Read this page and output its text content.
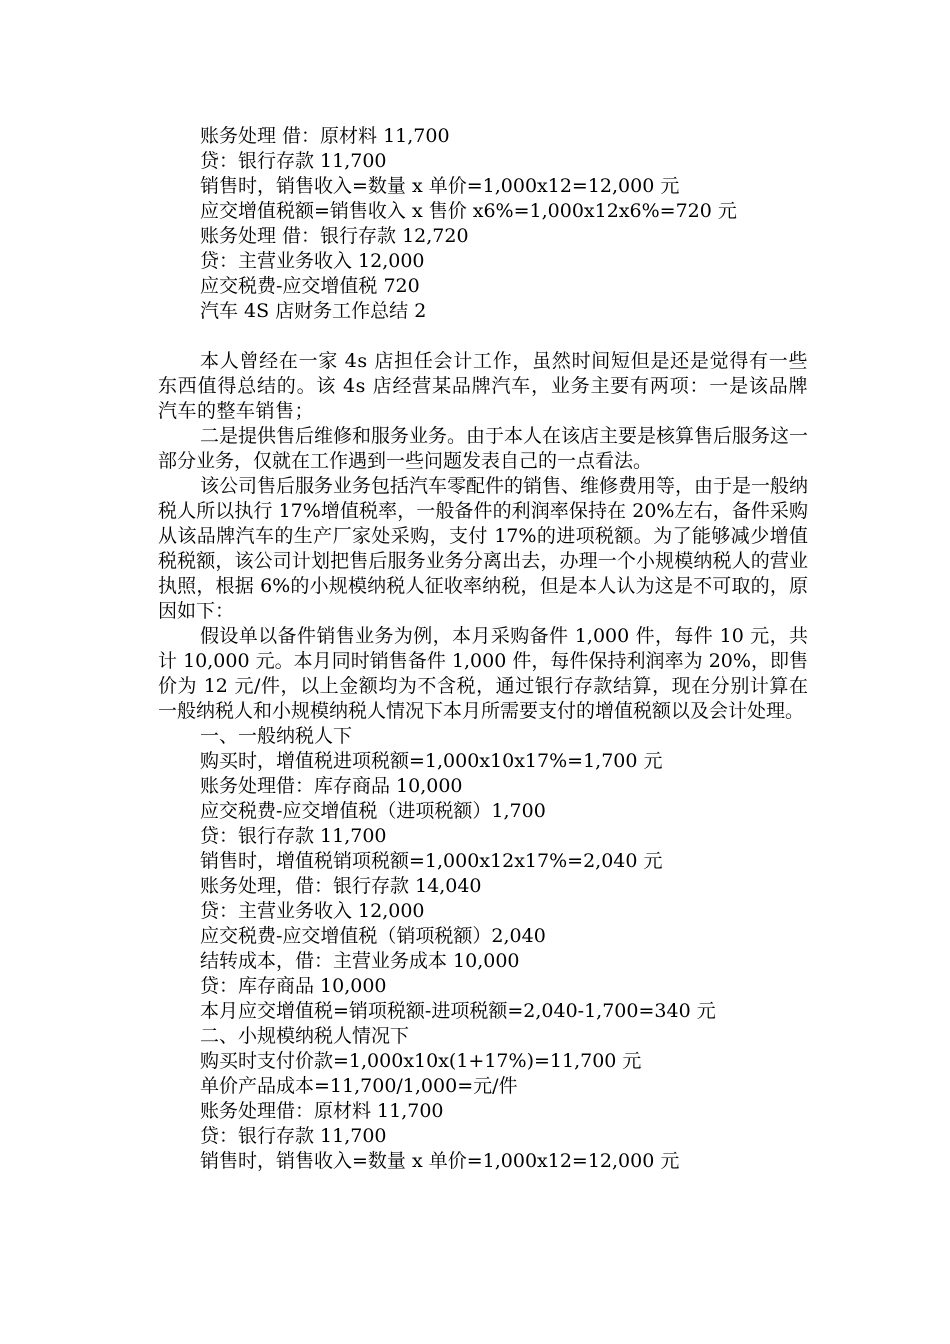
账务处理 借：原材料 11,700
贷：银行存款 11,700
销售时，销售收入=数量 x 单价=1,000x12=12,000 元
应交增值税额=销售收入 x 售价 x6%=1,000x12x6%=720 元
账务处理 借：银行存款 12,720
贷：主营业务收入 12,000
应交税费-应交增值税 720
汽车 4S 店财务工作总结 2

本人曾经在一家 4s 店担任会计工作，虽然时间短但是还是觉得有一些东西值得总结的。该 4s 店经营某品牌汽车，业务主要有两项：一是该品牌汽车的整车销售；

二是提供售后维修和服务业务。由于本人在该店主要是核算售后服务这一部分业务，仅就在工作遇到一些问题发表自己的一点看法。

该公司售后服务业务包括汽车零配件的销售、维修费用等，由于是一般纳税人所以执行 17%增值税率，一般备件的利润率保持在 20%左右，备件采购从该品牌汽车的生产厂家处采购，支付 17%的进项税额。为了能够减少增值税税额，该公司计划把售后服务业务分离出去，办理一个小规模纳税人的营业执照，根据 6%的小规模纳税人征收率纳税，但是本人认为这是不可取的，原因如下：

假设单以备件销售业务为例，本月采购备件 1,000 件，每件 10 元，共计 10,000 元。本月同时销售备件 1,000 件，每件保持利润率为 20%，即售价为 12 元/件，以上金额均为不含税，通过银行存款结算，现在分别计算在一般纳税人和小规模纳税人情况下本月所需要支付的增值税额以及会计处理。

一、一般纳税人下
购买时，增值税进项税额=1,000x10x17%=1,700 元
账务处理借：库存商品 10,000
应交税费-应交增值税（进项税额）1,700
贷：银行存款 11,700
销售时，增值税销项税额=1,000x12x17%=2,040 元
账务处理，借：银行存款 14,040
贷：主营业务收入 12,000
应交税费-应交增值税（销项税额）2,040
结转成本，借：主营业务成本 10,000
贷：库存商品 10,000
本月应交增值税=销项税额-进项税额=2,040-1,700=340 元
二、小规模纳税人情况下
购买时支付价款=1,000x10x(1+17%)=11,700 元
单价产品成本=11,700/1,000=元/件
账务处理借：原材料 11,700
贷：银行存款 11,700
销售时，销售收入=数量 x 单价=1,000x12=12,000 元
